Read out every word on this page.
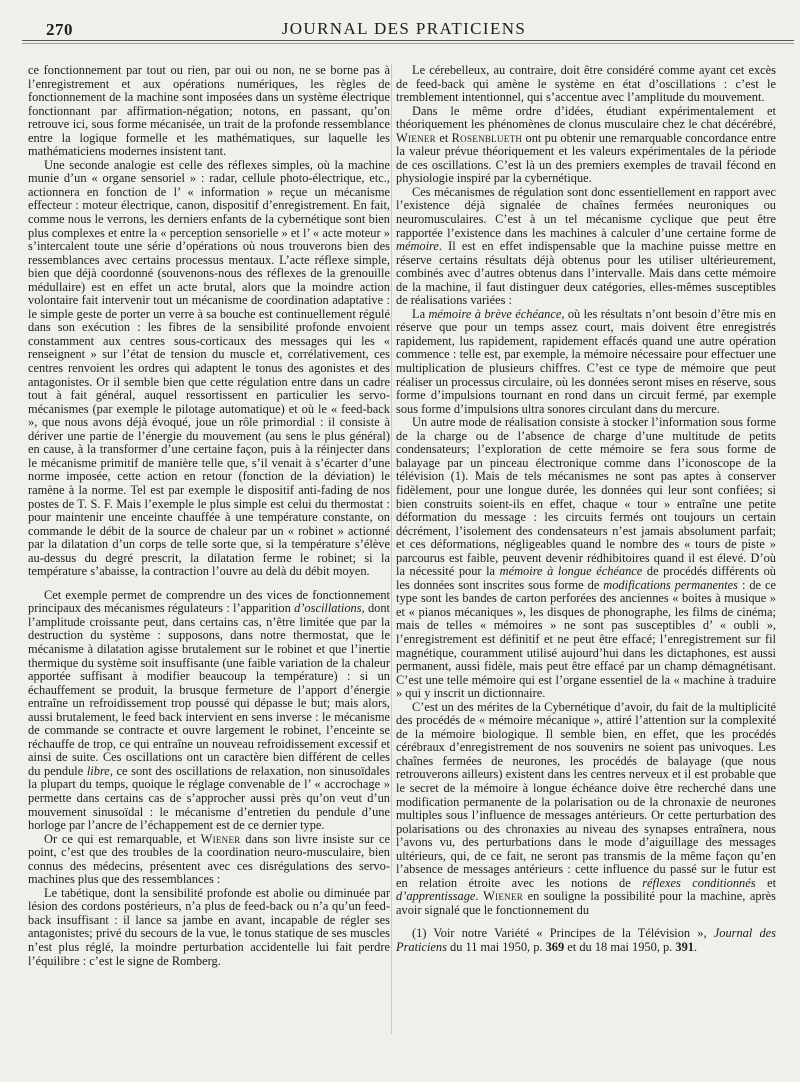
270	JOURNAL DES PRATICIENS

ce fonctionnement par tout ou rien, par oui ou non, ne se borne pas à l’enregistrement et aux opérations numériques, les règles de fonctionnement de la machine sont imposées dans un système électrique fonctionnant par affirmation-négation; notons, en passant, qu’on retrouve ici, sous forme mécanisée, un trait de la profonde ressemblance entre la logique formelle et les mathématiques, sur laquelle les mathématiciens modernes insistent tant.

Une seconde analogie est celle des réflexes simples, où la machine munie d’un « organe sensoriel » : radar, cellule photo-électrique, etc., actionnera en fonction de l’ « information » reçue un mécanisme effecteur : moteur électrique, canon, dispositif d’enregistrement. En fait, comme nous le verrons, les derniers enfants de la cybernétique sont bien plus complexes et entre la « perception sensorielle » et l’ « acte moteur » s’intercalent toute une série d’opérations où nous trouverons bien des ressemblances avec certains processus mentaux. L’acte réflexe simple, bien que déjà coordonné (souvenons-nous des réflexes de la grenouille médullaire) est en effet un acte brutal, alors que la moindre action volontaire fait intervenir tout un mécanisme de coordination adaptative : le simple geste de porter un verre à sa bouche est continuellement régulé dans son exécution : les fibres de la sensibilité profonde envoient constamment aux centres sous-corticaux des messages qui les « renseignent » sur l’état de tension du muscle et, corrélativement, ces centres renvoient les ordres qui adaptent le tonus des agonistes et des antagonistes. Or il semble bien que cette régulation entre dans un cadre tout à fait général, auquel ressortissent en particulier les servo-mécanismes (par exemple le pilotage automatique) et où le « feed-back », que nous avons déjà évoqué, joue un rôle primordial : il consiste à dériver une partie de l’énergie du mouvement (au sens le plus général) en cause, à la transformer d’une certaine façon, puis à la réinjecter dans le mécanisme primitif de manière telle que, s’il venait à s’écarter d’une norme imposée, cette action en retour (fonction de la déviation) le ramène à la norme. Tel est par exemple le dispositif anti-fading de nos postes de T. S. F. Mais l’exemple le plus simple est celui du thermostat : pour maintenir une enceinte chauffée à une température constante, on commande le débit de la source de chaleur par un « robinet » actionné par la dilatation d’un corps de telle sorte que, si la température s’élève au-dessus du degré prescrit, la dilatation ferme le robinet; si la température s’abaisse, la contraction l’ouvre au delà du débit moyen.

Cet exemple permet de comprendre un des vices de fonctionnement principaux des mécanismes régulateurs : l’apparition d’oscillations, dont l’amplitude croissante peut, dans certains cas, n’être limitée que par la destruction du système : supposons, dans notre thermostat, que le mécanisme à dilatation agisse brutalement sur le robinet et que l’inertie thermique du système soit insuffisante (une faible variation de la chaleur apportée suffisant à modifier beaucoup la température) : si un échauffement se produit, la brusque fermeture de l’apport d’énergie entraîne un refroidissement trop poussé qui dépasse le but; mais alors, aussi brutalement, le feed back intervient en sens inverse : le mécanisme de commande se contracte et ouvre largement le robinet, l’enceinte se réchauffe de trop, ce qui entraîne un nouveau refroidissement excessif et ainsi de suite. Ces oscillations ont un caractère bien différent de celles du pendule libre, ce sont des oscillations de relaxation, non sinusoïdales la plupart du temps, quoique le réglage convenable de l’ « accrochage » permette dans certains cas de s’approcher aussi près qu’on veut d’un mouvement sinusoïdal : le mécanisme d’entretien du pendule d’une horloge par l’ancre de l’échappement est de ce dernier type.

Or ce qui est remarquable, et Wiener dans son livre insiste sur ce point, c’est que des troubles de la coordination neuro-musculaire, bien connus des médecins, présentent avec ces disrégulations des servo-machines plus que des ressemblances :

Le tabétique, dont la sensibilité profonde est abolie ou diminuée par lésion des cordons postérieurs, n’a plus de feed-back ou n’a qu’un feed-back insuffisant : il lance sa jambe en avant, incapable de régler ses antagonistes; privé du secours de la vue, le tonus statique de ses muscles n’est plus réglé, la moindre perturbation accidentelle lui fait perdre l’équilibre : c’est le signe de Romberg.

Le cérebelleux, au contraire, doit être considéré comme ayant cet excès de feed-back qui amène le système en état d’oscillations : c’est le tremblement intentionnel, qui s’accentue avec l’amplitude du mouvement.

Dans le même ordre d’idées, étudiant expérimentalement et théoriquement les phénomènes de clonus musculaire chez le chat décérébré, Wiener et Rosenblueth ont pu obtenir une remarquable concordance entre la valeur prévue théoriquement et les valeurs expérimentales de la période de ces oscillations. C’est là un des premiers exemples de travail fécond en physiologie inspiré par la cybernétique.

Ces mécanismes de régulation sont donc essentiellement en rapport avec l’existence déjà signalée de chaînes fermées neuroniques ou neuromusculaires. C’est à un tel mécanisme cyclique que peut être rapportée l’existence dans les machines à calculer d’une certaine forme de mémoire. Il est en effet indispensable que la machine puisse mettre en réserve certains résultats déjà obtenus pour les utiliser ultérieurement, combinés avec d’autres obtenus dans l’intervalle. Mais dans cette mémoire de la machine, il faut distinguer deux catégories, elles-mêmes susceptibles de réalisations variées :

La mémoire à brève échéance, où les résultats n’ont besoin d’être mis en réserve que pour un temps assez court, mais doivent être enregistrés rapidement, lus rapidement, rapidement effacés quand une autre opération commence : telle est, par exemple, la mémoire nécessaire pour effectuer une multiplication de plusieurs chiffres. C’est ce type de mémoire que peut réaliser un processus circulaire, où les données seront mises en réserve, sous forme d’impulsions tournant en rond dans un circuit fermé, par exemple sous forme d’impulsions ultra sonores circulant dans du mercure.

Un autre mode de réalisation consiste à stocker l’information sous forme de la charge ou de l’absence de charge d’une multitude de petits condensateurs; l’exploration de cette mémoire se fera sous forme de balayage par un pinceau électronique comme dans l’iconoscope de la télévision (1). Mais de tels mécanismes ne sont pas aptes à conserver fidèlement, pour une longue durée, les données qui leur sont confiées; si bien construits soient-ils en effet, chaque « tour » entraîne une petite déformation du message : les circuits fermés ont toujours un certain décrément, l’isolement des condensateurs n’est jamais absolument parfait; et ces déformations, négligeables quand le nombre des « tours de piste » parcourus est faible, peuvent devenir rédhibitoires quand il est élevé. D’où la nécessité pour la mémoire à longue échéance de procédés différents où les données sont inscrites sous forme de modifications permanentes : de ce type sont les bandes de carton perforées des anciennes « boites à musique » et « pianos mécaniques », les disques de phonographe, les films de cinéma; mais de telles « mémoires » ne sont pas susceptibles d’ « oubli », l’enregistrement est définitif et ne peut être effacé; l’enregistrement sur fil magnétique, couramment utilisé aujourd’hui dans les dictaphones, est aussi permanent, aussi fidèle, mais peut être effacé par un champ démagnétisant. C’est une telle mémoire qui est l’organe essentiel de la « machine à traduire » qui y inscrit un dictionnaire.

C’est un des mérites de la Cybernétique d’avoir, du fait de la multiplicité des procédés de « mémoire mécanique », attiré l’attention sur la complexité de la mémoire biologique. Il semble bien, en effet, que les procédés cérébraux d’enregistrement de nos souvenirs ne soient pas univoques. Les chaînes fermées de neurones, les procédés de balayage (que nous retrouverons ailleurs) existent dans les centres nerveux et il est probable que le secret de la mémoire à longue échéance doive être recherché dans une modification permanente de la polarisation ou de la chronaxie de neurones multiples sous l’influence de messages antérieurs. Or cette perturbation des polarisations ou des chronaxies au niveau des synapses entraînera, nous l’avons vu, des perturbations dans le mode d’aiguillage des messages ultérieurs, qui, de ce fait, ne seront pas transmis de la même façon qu’en l’absence de messages antérieurs : cette influence du passé sur le futur est en relation étroite avec les notions de réflexes conditionnés et d’apprentissage. Wiener en souligne la possibilité pour la machine, après avoir signalé que le fonctionnement du

(1) Voir notre Variété « Principes de la Télévision », Journal des Praticiens du 11 mai 1950, p. 369 et du 18 mai 1950, p. 391.
